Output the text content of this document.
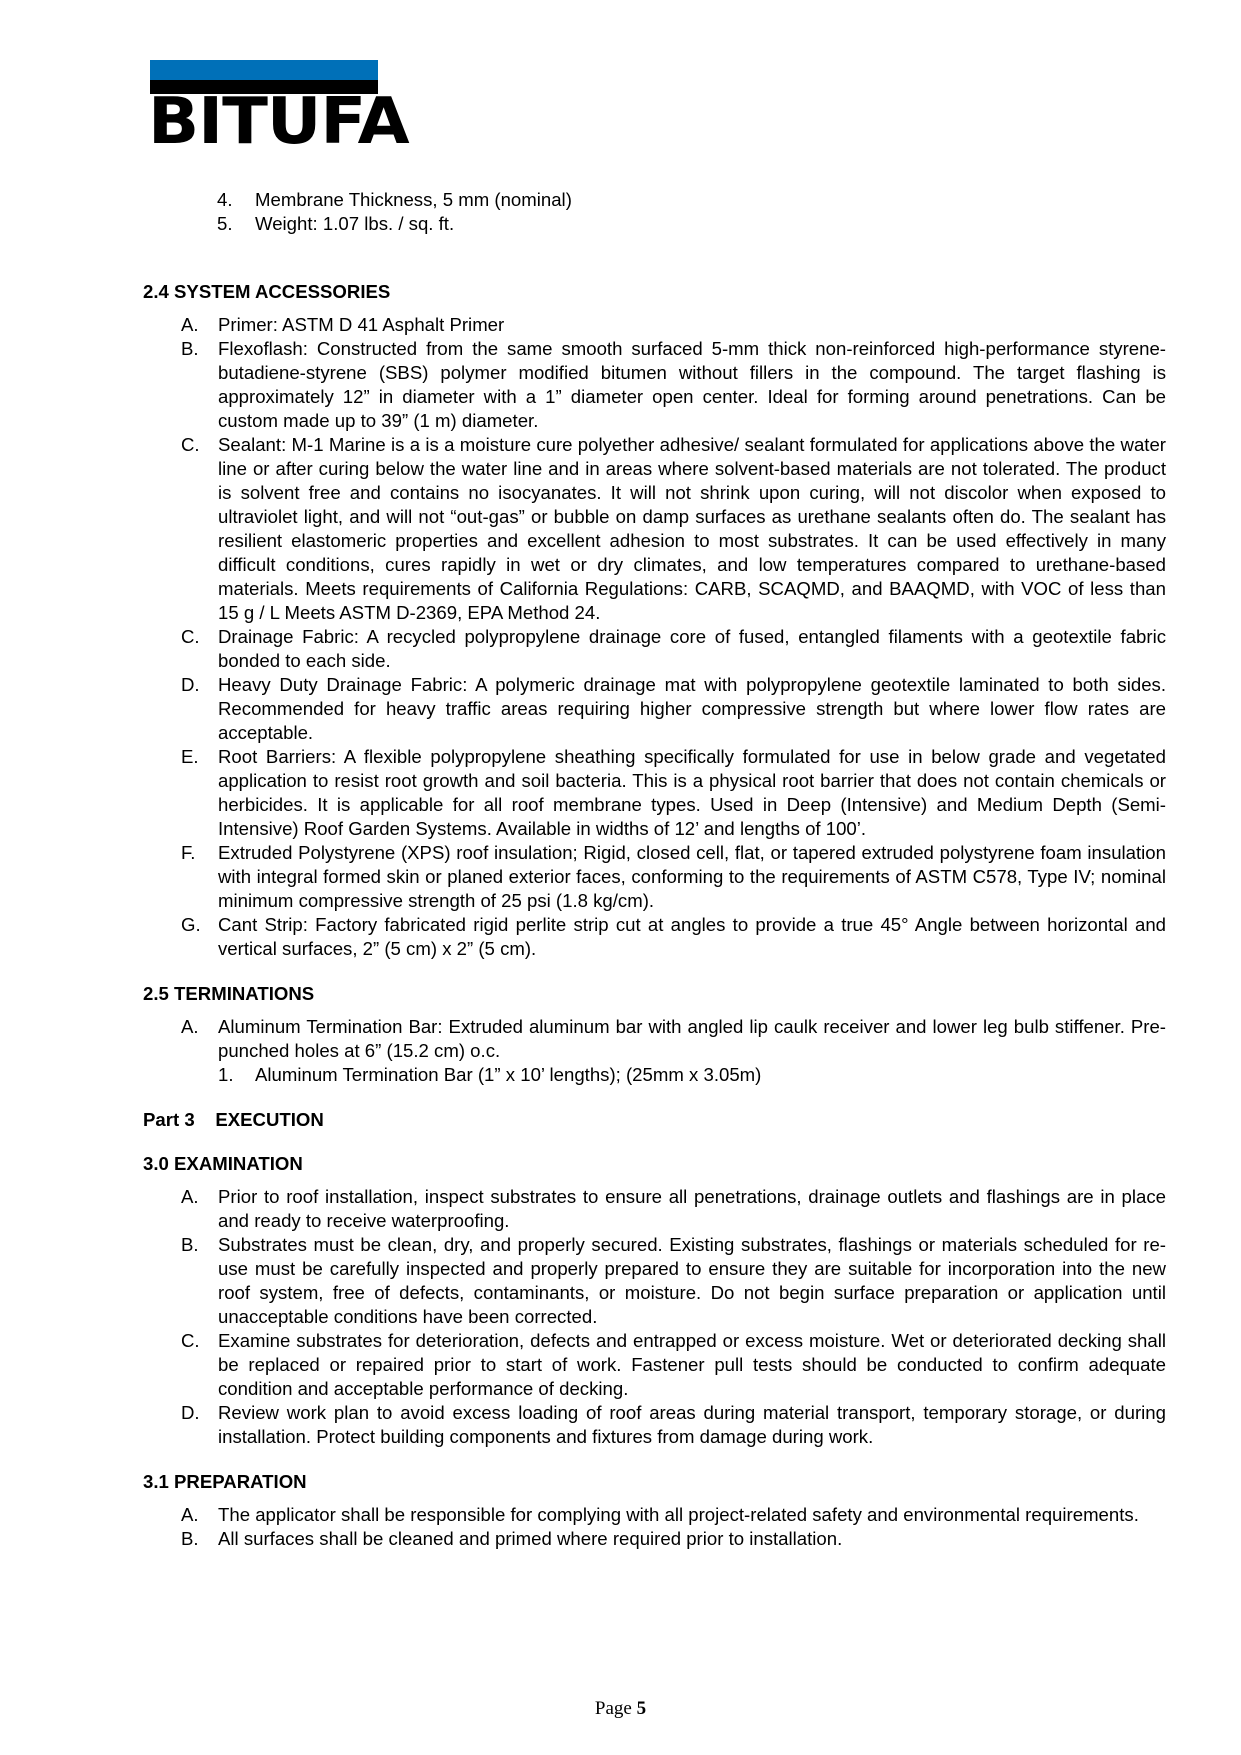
BITUFA
4.	Membrane Thickness, 5 mm (nominal)
5.	Weight: 1.07 lbs. / sq. ft.
2.4 SYSTEM ACCESSORIES
A. Primer: ASTM D 41 Asphalt Primer
B. Flexoflash: Constructed from the same smooth surfaced 5-mm thick non-reinforced high-performance styrene-butadiene-styrene (SBS) polymer modified bitumen without fillers in the compound. The target flashing is approximately 12” in diameter with a 1” diameter open center. Ideal for forming around penetrations. Can be custom made up to 39” (1 m) diameter.
C. Sealant: M-1 Marine is a is a moisture cure polyether adhesive/ sealant formulated for applications above the water line or after curing below the water line and in areas where solvent-based materials are not tolerated. The product is solvent free and contains no isocyanates. It will not shrink upon curing, will not discolor when exposed to ultraviolet light, and will not “out-gas” or bubble on damp surfaces as urethane sealants often do. The sealant has resilient elastomeric properties and excellent adhesion to most substrates. It can be used effectively in many difficult conditions, cures rapidly in wet or dry climates, and low temperatures compared to urethane-based materials. Meets requirements of California Regulations: CARB, SCAQMD, and BAAQMD, with VOC of less than 15 g / L Meets ASTM D-2369, EPA Method 24.
C. Drainage Fabric: A recycled polypropylene drainage core of fused, entangled filaments with a geotextile fabric bonded to each side.
D. Heavy Duty Drainage Fabric: A polymeric drainage mat with polypropylene geotextile laminated to both sides. Recommended for heavy traffic areas requiring higher compressive strength but where lower flow rates are acceptable.
E. Root Barriers: A flexible polypropylene sheathing specifically formulated for use in below grade and vegetated application to resist root growth and soil bacteria. This is a physical root barrier that does not contain chemicals or herbicides. It is applicable for all roof membrane types. Used in Deep (Intensive) and Medium Depth (Semi-Intensive) Roof Garden Systems. Available in widths of 12’ and lengths of 100’.
F. Extruded Polystyrene (XPS) roof insulation; Rigid, closed cell, flat, or tapered extruded polystyrene foam insulation with integral formed skin or planed exterior faces, conforming to the requirements of ASTM C578, Type IV; nominal minimum compressive strength of 25 psi (1.8 kg/cm).
G. Cant Strip: Factory fabricated rigid perlite strip cut at angles to provide a true 45° Angle between horizontal and vertical surfaces, 2” (5 cm) x 2” (5 cm).
2.5 TERMINATIONS
A. Aluminum Termination Bar: Extruded aluminum bar with angled lip caulk receiver and lower leg bulb stiffener. Pre-punched holes at 6” (15.2 cm) o.c.
1. Aluminum Termination Bar (1” x 10’ lengths); (25mm x 3.05m)
Part 3    EXECUTION
3.0 EXAMINATION
A. Prior to roof installation, inspect substrates to ensure all penetrations, drainage outlets and flashings are in place and ready to receive waterproofing.
B. Substrates must be clean, dry, and properly secured. Existing substrates, flashings or materials scheduled for re-use must be carefully inspected and properly prepared to ensure they are suitable for incorporation into the new roof system, free of defects, contaminants, or moisture. Do not begin surface preparation or application until unacceptable conditions have been corrected.
C. Examine substrates for deterioration, defects and entrapped or excess moisture. Wet or deteriorated decking shall be replaced or repaired prior to start of work. Fastener pull tests should be conducted to confirm adequate condition and acceptable performance of decking.
D. Review work plan to avoid excess loading of roof areas during material transport, temporary storage, or during installation. Protect building components and fixtures from damage during work.
3.1 PREPARATION
A. The applicator shall be responsible for complying with all project-related safety and environmental requirements.
B. All surfaces shall be cleaned and primed where required prior to installation.
Page 5
